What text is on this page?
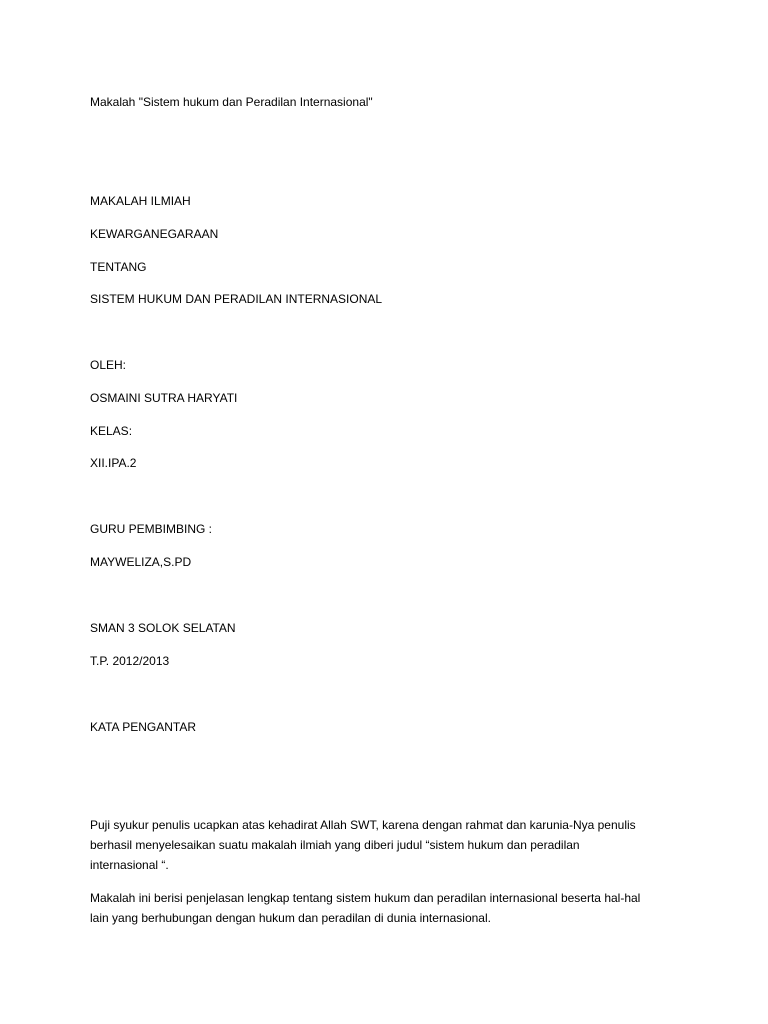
Makalah "Sistem hukum dan Peradilan Internasional"
MAKALAH ILMIAH
KEWARGANEGARAAN
TENTANG
SISTEM HUKUM DAN PERADILAN INTERNASIONAL
OLEH:
OSMAINI SUTRA HARYATI
KELAS:
XII.IPA.2
GURU PEMBIMBING :
MAYWELIZA,S.PD
SMAN 3 SOLOK SELATAN
T.P. 2012/2013
KATA PENGANTAR
Puji syukur penulis ucapkan atas kehadirat Allah SWT, karena dengan rahmat dan karunia-Nya penulis
berhasil menyelesaikan suatu makalah ilmiah yang diberi judul “sistem hukum dan peradilan
internasional “.
Makalah ini berisi penjelasan lengkap tentang sistem hukum dan peradilan internasional beserta hal-hal
lain yang berhubungan dengan hukum dan peradilan di dunia internasional.
